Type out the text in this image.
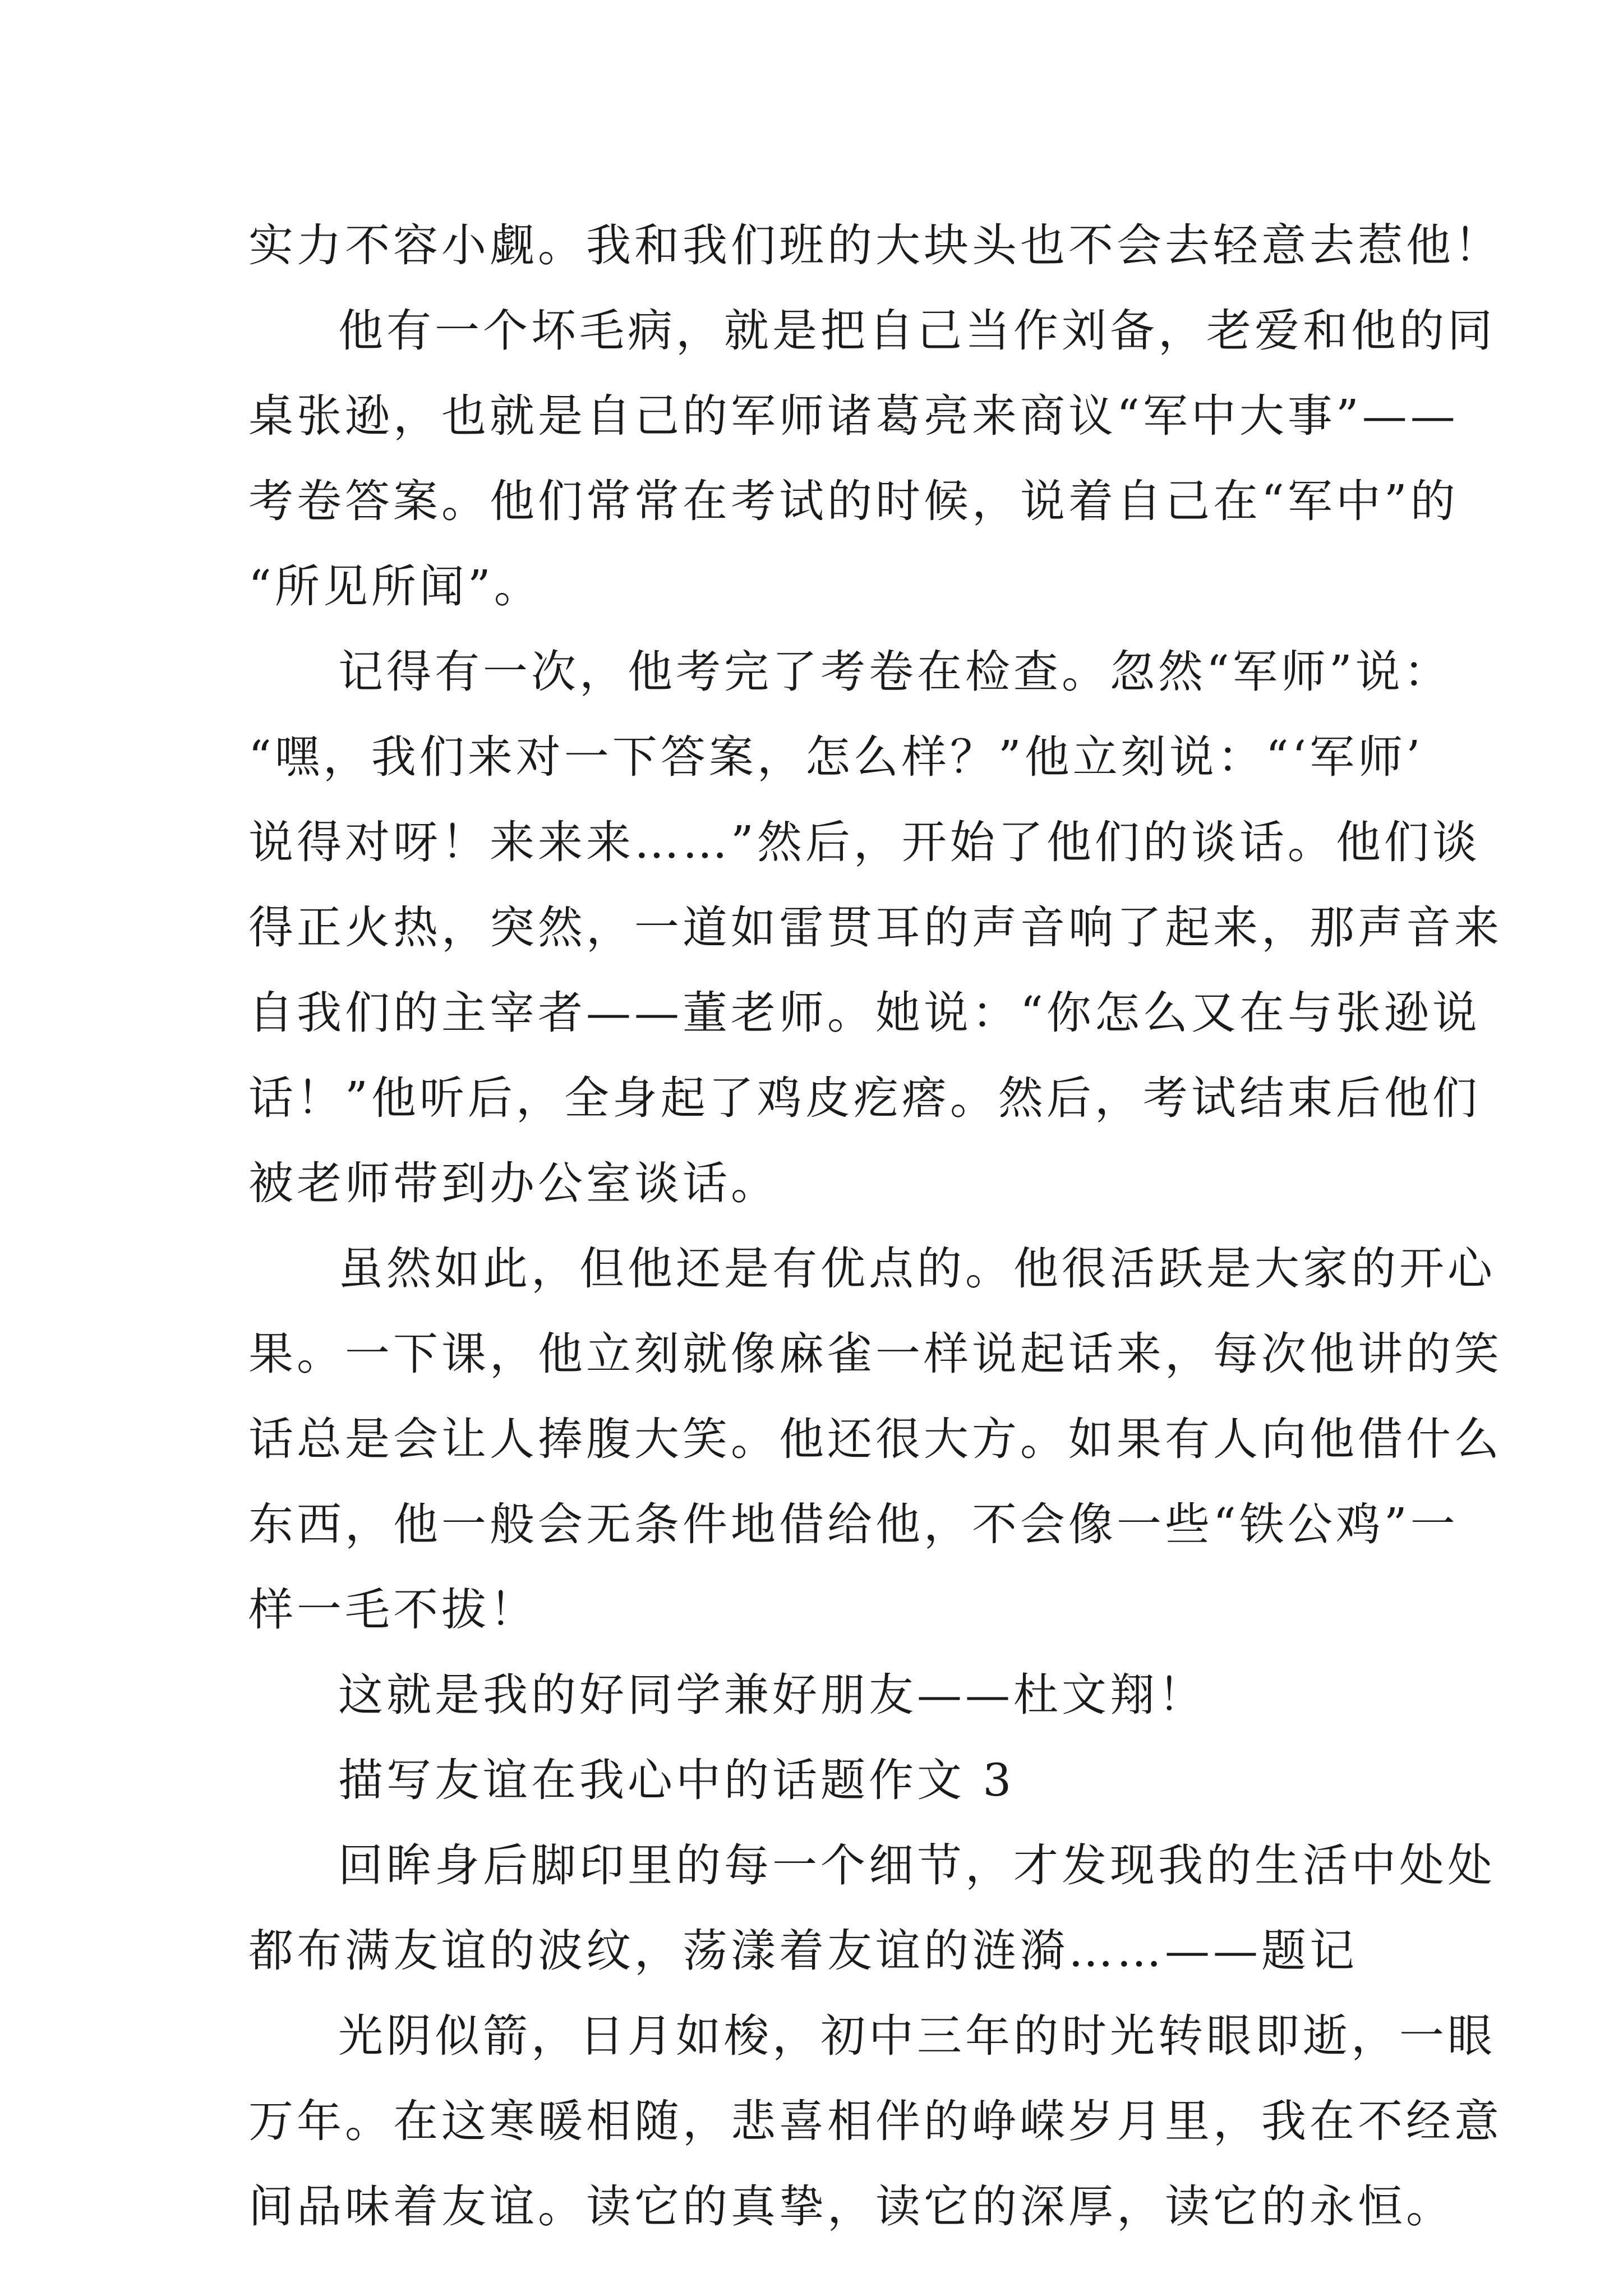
实力不容小觑。我和我们班的大块头也不会去轻意去惹他！
他有一个坏毛病，就是把自己当作刘备，老爱和他的同
桌张逊，也就是自己的军师诸葛亮来商议“军中大事”——
考卷答案。他们常常在考试的时候，说着自己在“军中”的
“所见所闻”。
记得有一次，他考完了考卷在检查。忽然“军师”说：
“嘿，我们来对一下答案，怎么样？”他立刻说：“‘军师’
说得对呀！来来来……”然后，开始了他们的谈话。他们谈
得正火热，突然，一道如雷贯耳的声音响了起来，那声音来
自我们的主宰者——董老师。她说：“你怎么又在与张逊说
话！”他听后，全身起了鸡皮疙瘩。然后，考试结束后他们
被老师带到办公室谈话。
虽然如此，但他还是有优点的。他很活跃是大家的开心
果。一下课，他立刻就像麻雀一样说起话来，每次他讲的笑
话总是会让人捧腹大笑。他还很大方。如果有人向他借什么
东西，他一般会无条件地借给他，不会像一些“铁公鸡”一
样一毛不拔！
这就是我的好同学兼好朋友——杜文翔！
描写友谊在我心中的话题作文 3
回眸身后脚印里的每一个细节，才发现我的生活中处处
都布满友谊的波纹，荡漾着友谊的涟漪……——题记
光阴似箭，日月如梭，初中三年的时光转眼即逝，一眼
万年。在这寒暖相随，悲喜相伴的峥嵘岁月里，我在不经意
间品味着友谊。读它的真挚，读它的深厚，读它的永恒。
